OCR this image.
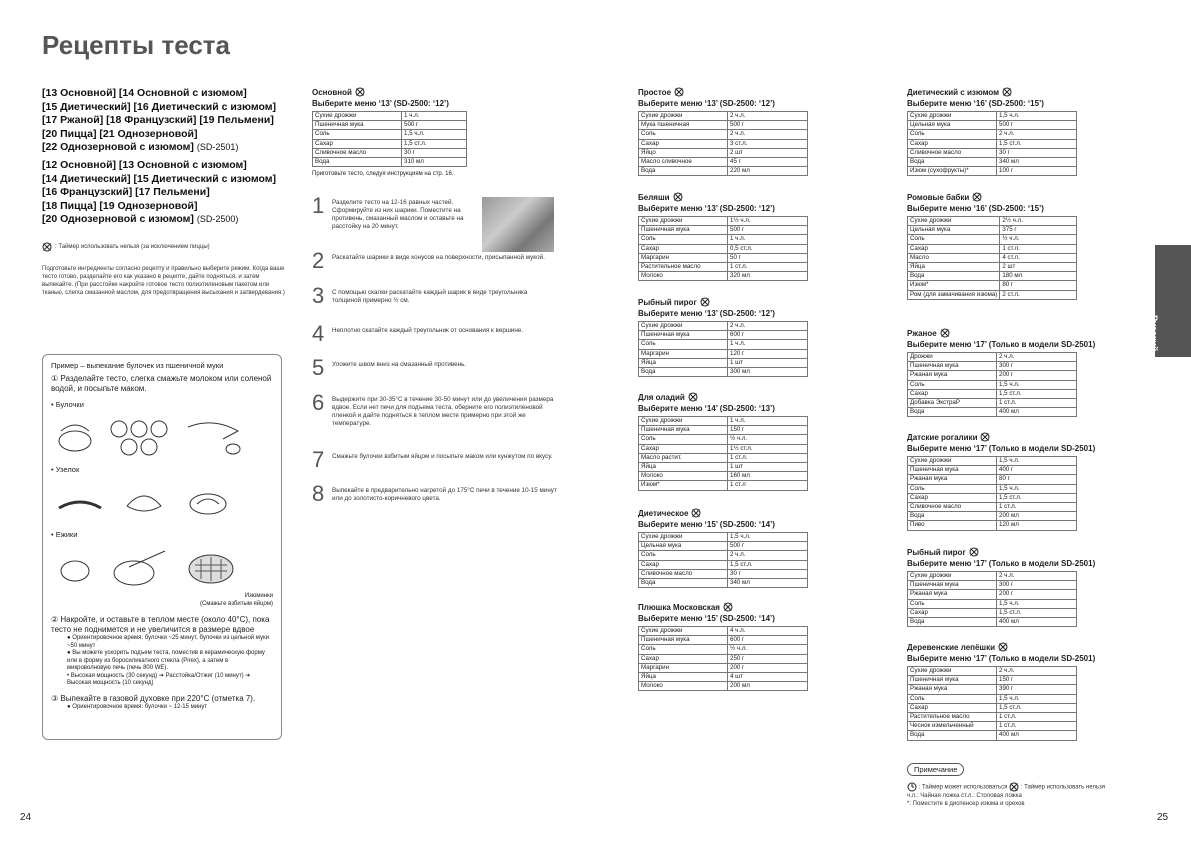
Рецепты теста
[13 Основной] [14 Основной с изюмом]
[15 Диетический] [16 Диетический с изюмом]
[17 Ржаной] [18 Французский] [19 Пельмени]
[20 Пицца] [21 Однозерновой]
[22 Однозерновой с изюмом] (SD-2501)
[12 Основной] [13 Основной с изюмом]
[14 Диетический] [15 Диетический с изюмом]
[16 Французский] [17 Пельмени]
[18 Пицца] [19 Однозерновой]
[20 Однозерновой с изюмом] (SD-2500)
: Таймер использовать нельзя (за исключением пиццы)
Подготовьте ингредиенты согласно рецепту и правильно выберите режим. Когда ваше тесто готово, разделайте его как указано в рецепте, дайте подняться, и затем выпекайте. (При расстойке накройте готовое тесто полиэтиленовым пакетом или тканью, слегка смазанной маслом, для предотвращения высыхания и затвердевания.)
Пример – выпекание булочек из пшеничной муки
① Разделайте тесто, слегка смажьте молоком или соленой водой, и посыпьте маком.
• Булочки
• Узелок
• Ежики
Изюминки
(Смажьте взбитым яйцом)
② Накройте, и оставьте в теплом месте (около 40°C), пока тесто не поднимется и не увеличится в размере вдвое
● Ориентировочное время: булочки ~25 минут, булочки из цельной муки ~50 минут
● Вы можете ускорить подъем теста, поместив в керамическую форму или в форму из боросиликатного стекла (Pirex), а затем в микроволновую печь (печь 800 WE).
• Высокая мощность (30 секунд) ➔ Расстойка/Отжиг (10 минут) ➔ Высокая мощность (10 секунд)
③ Выпекайте в газовой духовке при 220°C (отметка 7).
● Ориентировочное время: булочки ~ 12-15 минут
Основной
Выберите меню ‘13’ (SD-2500: ‘12’)
Сухие дрожжи	1 ч.л.
Пшеничная мука	500 г
Соль	1,5 ч.л.
Сахар	1,5 ст.л.
Сливочное масло	30 г
Вода	310 мл
Приготовьте тесто, следуя инструкциям на стр. 16.
1 Разделите тесто на 12-16 равных частей. Сформируйте из них шарики. Поместите на противень, смазанный маслом и оставьте на расстойку на 20 минут.
2 Раскатайте шарики в виде конусов на поверхности, присыпанной мукой.
3 С помощью скалки раскатайте каждый шарик в виде треугольника толщиной примерно ½ см.
4 Неплотно скатайте каждый треугольник от основания к вершине.
5 Уложите швом вниз на смазанный противень.
6 Выдержите при 30-35°C в течение 30-50 минут или до увеличения размера вдвое. Если нет печи для подъема теста, оберните его полиэтиленовой пленкой и дайте подняться в теплом месте примерно при этой же температуре.
7 Смажьте булочки взбитым яйцом и посыпьте маком или кунжутом по вкусу.
8 Выпекайте в предварительно нагретой до 175°C печи в течение 10-15 минут или до золотисто-коричневого цвета.
Простое
Выберите меню ‘13’ (SD-2500: ‘12’)
Сухие дрожжи	2 ч.л.
Мука пшеничная	500 г
Соль	2 ч.л.
Сахар	3 ст.л.
Яйцо	2 шт
Масло сливочное	45 г
Вода	220 мл
Беляши
Выберите меню ‘13’ (SD-2500: ‘12’)
Сухие дрожжи	1½ ч.л.
Пшеничная мука	500 г
Соль	1 ч.л.
Сахар	0,5 ст.л.
Маргарин	50 г
Растительное масло	1 ст.л.
Молоко	320 мл
Рыбный пирог
Выберите меню ‘13’ (SD-2500: ‘12’)
Сухие дрожжи	2 ч.л.
Пшеничная мука	600 г
Соль	1 ч.л.
Маргарин	120 г
Яйца	1 шт
Вода	300 мл
Для оладий
Выберите меню ‘14’ (SD-2500: ‘13’)
Сухие дрожжи	1 ч.л.
Пшеничная мука	150 г
Соль	½ ч.л.
Сахар	1½ ст.л.
Масло растит.	1 ст.л.
Яйца	1 шт
Молоко	160 мл
Изюм*	1 ст.л
Диетическое
Выберите меню ‘15’ (SD-2500: ‘14’)
Сухие дрожжи	1,5 ч.л.
Цельная мука	500 г
Соль	2 ч.л.
Сахар	1,5 ст.л.
Сливочное масло	30 г
Вода	340 мл
Плюшка Московская
Выберите меню ‘15’ (SD-2500: ‘14’)
Сухие дрожжи	4 ч.л.
Пшеничная мука	600 г
Соль	½ ч.л.
Сахар	250 г
Маргарин	200 г
Яйца	4 шт
Молоко	200 мл
Диетический с изюмом
Выберите меню ‘16’ (SD-2500: ‘15’)
Сухие дрожжи	1,5 ч.л.
Цельная мука	500 г
Соль	2 ч.л.
Сахар	1,5 ст.л.
Сливочное масло	30 г
Вода	340 мл
Изюм (сухофрукты)*	100 г
Ромовые бабки
Выберите меню ‘16’ (SD-2500: ‘15’)
Сухие дрожжи	2½ ч.л.
Цельная мука	375 г
Соль	½ ч.л.
Сахар	1 ст.л.
Масло	4 ст.л.
Яйца	2 шт
Вода	180 мл
Изюм*	80 г
Ром (для замачивания изюма)	2 ст.л.
Ржаное
Выберите меню ‘17’ (Только в модели SD-2501)
Дрожжи	2 ч.л.
Пшеничная мука	300 г
Ржаная мука	200 г
Соль	1,5 ч.л.
Сахар	1,5 ст.л.
Добавка ЭкстраР	1 ст.л.
Вода	400 мл
Датские рогалики
Выберите меню ‘17’ (Только в модели SD-2501)
Сухие дрожжи	1,5 ч.л.
Пшеничная мука	400 г
Ржаная мука	80 г
Соль	1,5 ч.л.
Сахар	1,5 ст.л.
Сливочное масло	1 ст.л.
Вода	200 мл
Пиво	120 мл
Рыбный пирог
Выберите меню ‘17’ (Только в модели SD-2501)
Сухие дрожжи	2 ч.л.
Пшеничная мука	300 г
Ржаная мука	200 г
Соль	1,5 ч.л.
Сахар	1,5 ст.л.
Вода	400 мл
Деревенские лепёшки
Выберите меню ‘17’ (Только в модели SD-2501)
Сухие дрожжи	2 ч.л.
Пшеничная мука	150 г
Ржаная мука	390 г
Соль	1,5 ч.л.
Сахар	1,5 ст.л.
Растительное масло	1 ст.л.
Чеснок измельченный	1 ст.л.
Вода	400 мл
Русский
Примечание
: Таймер может использоваться : Таймер использовать нельзя
ч.л.: Чайная ложка ст.л.: Столовая ложка
*: Поместите в диспенсер изюма и орехов
24	25
